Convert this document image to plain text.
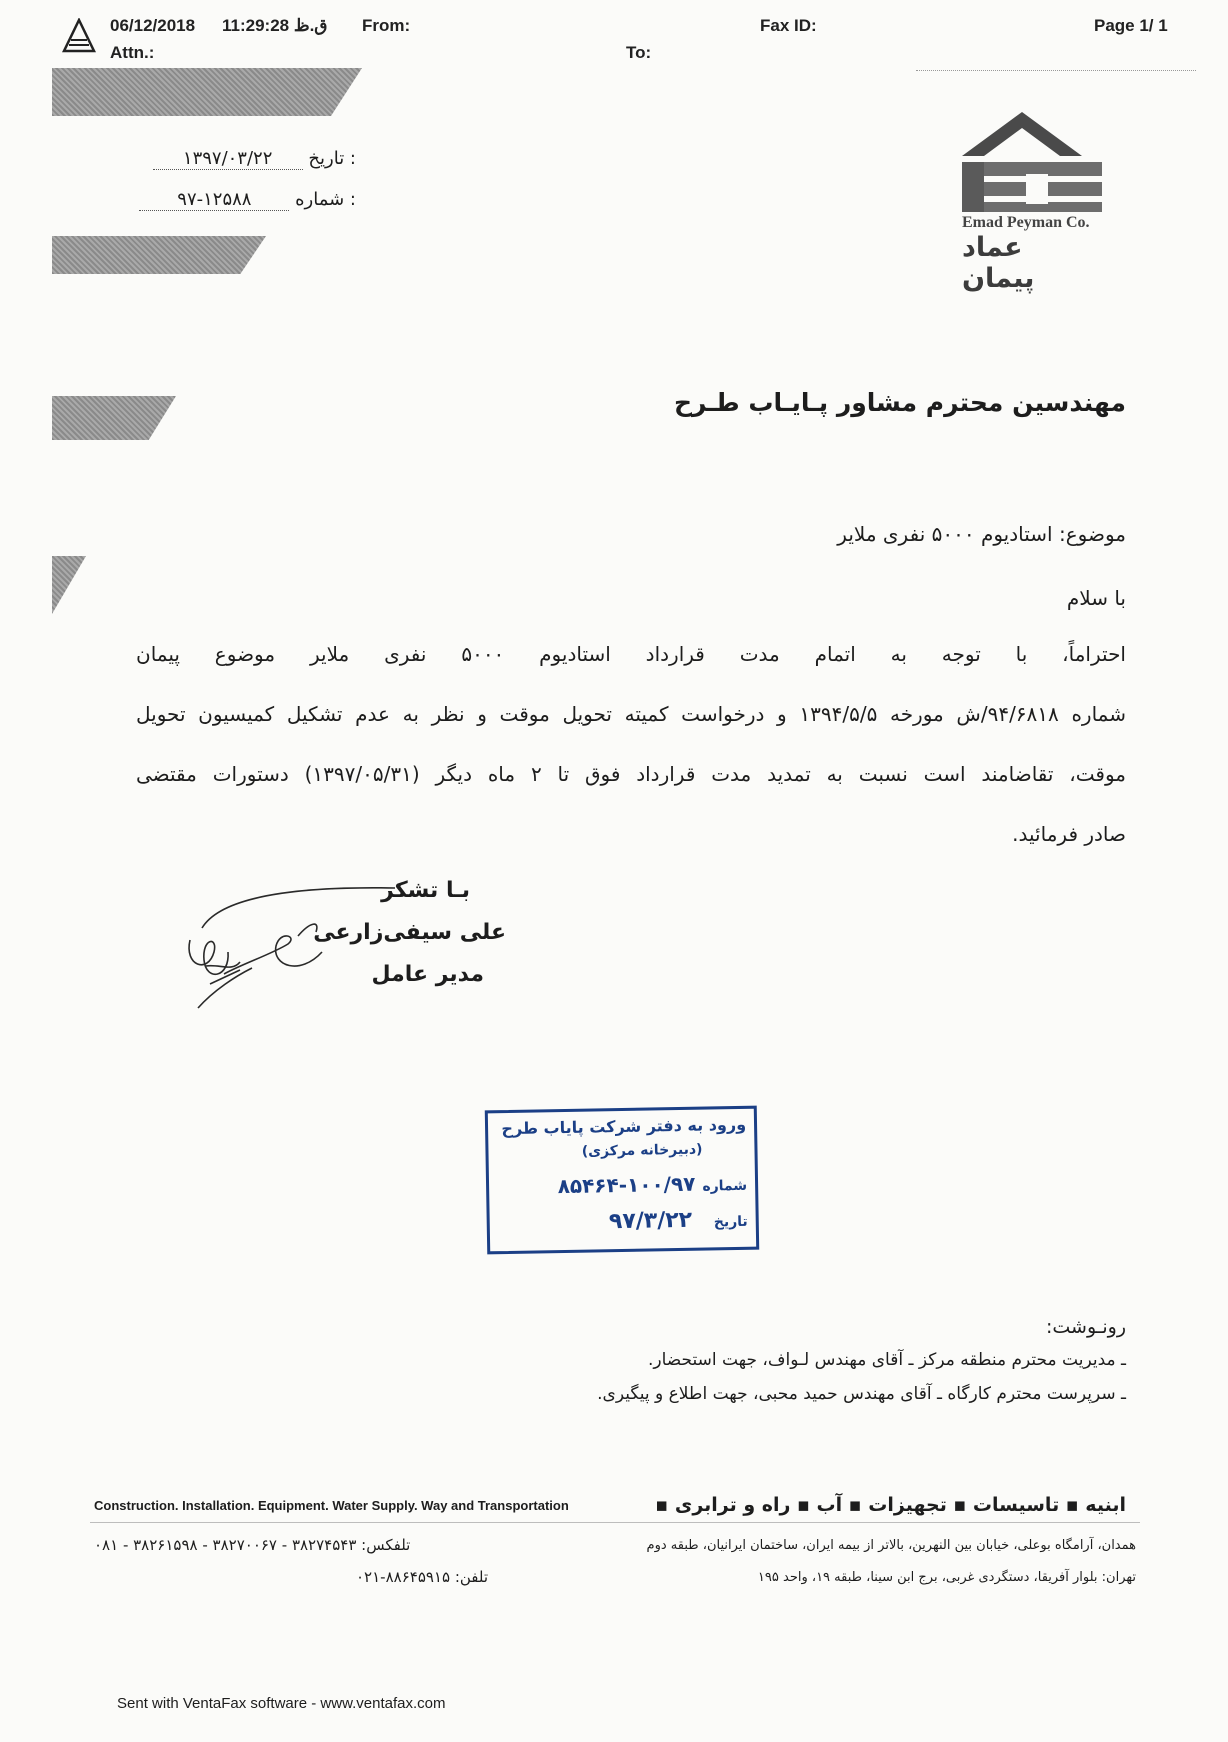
06/12/2018 11:29:28 ق.ظ From:	Fax ID:	Page 1/ 1
Attn.:	To:
: تاریخ ۱۳۹۷/۰۳/۲۲
: شماره ۹۷-۱۲۵۸۸
Emad Peyman Co.
عماد پیمان
مهندسین محترم مشاور پـایـاب طـرح
موضوع: استادیوم ۵۰۰۰ نفری ملایر
با سلام
احتراماً، با توجه به اتمام مدت قرارداد استادیوم ۵۰۰۰ نفری ملایر موضوع پیمان
شماره ۹۴/۶۸۱۸/ش مورخه ۱۳۹۴/۵/۵ و درخواست کمیته تحویل موقت و نظر به عدم تشکیل کمیسیون تحویل
موقت، تقاضامند است نسبت به تمدید مدت قرارداد فوق تا ۲ ماه دیگر (۱۳۹۷/۰۵/۳۱) دستورات مقتضی
صادر فرمائید.
بـا تشکر
علی سیفی‌زارعی
مدیر عامل
ورود به دفتر شرکت پایاب طرح
(دبیرخانه مرکزی)
شماره ۱۰۰/۹۷-۸۵۴۶۴
تاریخ ۹۷/۳/۲۲
رونـوشت:
ـ مدیریت محترم منطقه مرکز ـ آقای مهندس لـواف، جهت استحضار.
ـ سرپرست محترم کارگاه ـ آقای مهندس حمید محبی، جهت اطلاع و پیگیری.
Construction. Installation. Equipment. Water Supply. Way and Transportation	ابنیه ▪ تاسیسات ▪ تجهیزات ▪ آب ▪ راه و ترابری ▪
همدان، آرامگاه بوعلی، خیابان بین النهرین، بالاتر از بیمه ایران، ساختمان ایرانیان، طبقه دوم
تلفکس: ۳۸۲۷۴۵۴۳ - ۳۸۲۷۰۰۶۷ - ۳۸۲۶۱۵۹۸ - ۰۸۱
تهران: بلوار آفریقا، دستگردی غربی، برج ابن سینا، طبقه ۱۹، واحد ۱۹۵
تلفن: ۸۸۶۴۵۹۱۵-۰۲۱
Sent with VentaFax software - www.ventafax.com
